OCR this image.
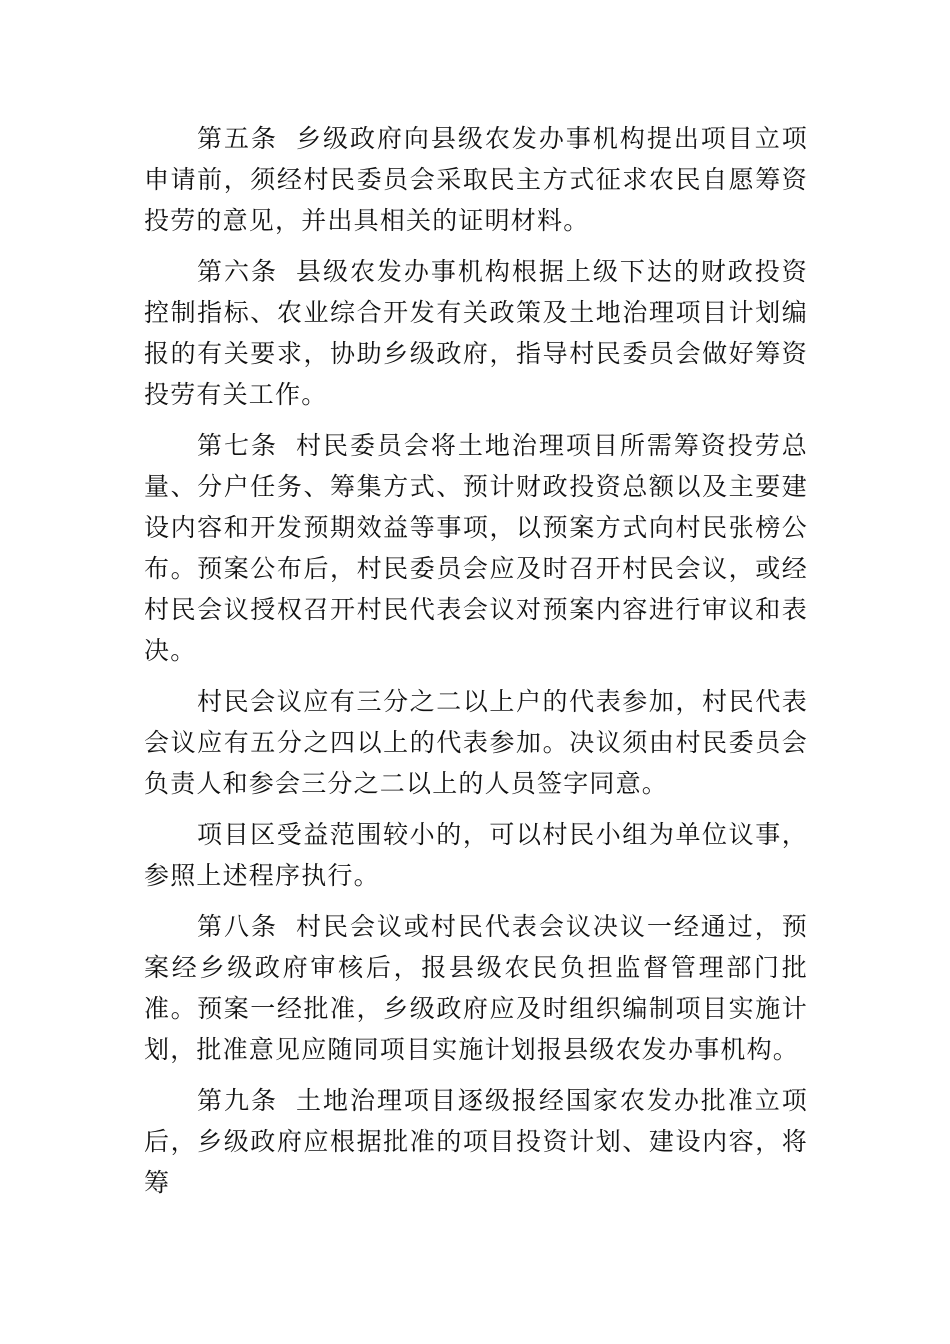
第五条 乡级政府向县级农发办事机构提出项目立项申请前，须经村民委员会采取民主方式征求农民自愿筹资投劳的意见，并出具相关的证明材料。

第六条 县级农发办事机构根据上级下达的财政投资控制指标、农业综合开发有关政策及土地治理项目计划编报的有关要求，协助乡级政府，指导村民委员会做好筹资投劳有关工作。

第七条 村民委员会将土地治理项目所需筹资投劳总量、分户任务、筹集方式、预计财政投资总额以及主要建设内容和开发预期效益等事项，以预案方式向村民张榜公布。预案公布后，村民委员会应及时召开村民会议，或经村民会议授权召开村民代表会议对预案内容进行审议和表决。

村民会议应有三分之二以上户的代表参加，村民代表会议应有五分之四以上的代表参加。决议须由村民委员会负责人和参会三分之二以上的人员签字同意。

项目区受益范围较小的，可以村民小组为单位议事，参照上述程序执行。

第八条 村民会议或村民代表会议决议一经通过，预案经乡级政府审核后，报县级农民负担监督管理部门批准。预案一经批准，乡级政府应及时组织编制项目实施计划，批准意见应随同项目实施计划报县级农发办事机构。

第九条 土地治理项目逐级报经国家农发办批准立项后，乡级政府应根据批准的项目投资计划、建设内容，将筹
